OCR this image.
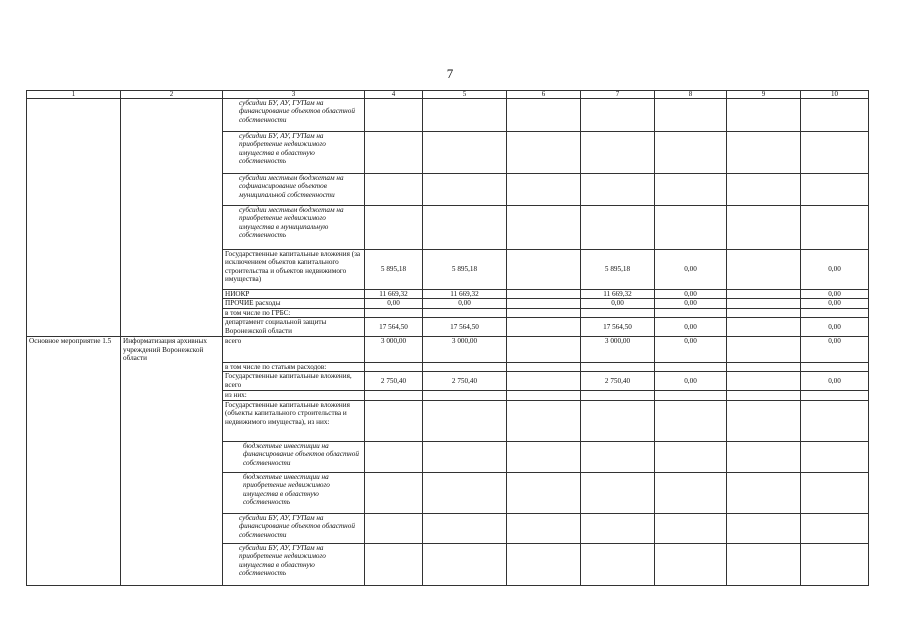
7
1	2	3	4	5	6	7	8	9	10
		субсидии БУ, АУ, ГУПам на финансирование объектов областной собственности							
		субсидии БУ, АУ, ГУПам на приобретение недвижимого имущества в областную собственность							
		субсидии местным бюджетам на софинансирование объектов муниципальной собственности							
		субсидии местным бюджетам на приобретение недвижимого имущества в муниципальную собственность							
		Государственные капитальные вложения (за исключением объектов капитального строительства и объектов недвижимого имущества)	5 895,18	5 895,18		5 895,18	0,00		0,00
		НИОКР	11 669,32	11 669,32		11 669,32	0,00		0,00
		ПРОЧИЕ расходы	0,00	0,00		0,00	0,00		0,00
		в том числе по ГРБС:							
		департамент социальной защиты Воронежской области	17 564,50	17 564,50		17 564,50	0,00		0,00
Основное мероприятие 1.5	Информатизация архивных учреждений Воронежской области	всего	3 000,00	3 000,00		3 000,00	0,00		0,00
		в том числе по статьям расходов:							
		Государственные капитальные вложения, всего	2 750,40	2 750,40		2 750,40	0,00		0,00
		из них:							
		Государственные капитальные вложения (объекты капитального строительства и недвижимого имущества), из них:							
		бюджетные инвестиции на финансирование объектов областной собственности							
		бюджетные инвестиции на приобретение недвижимого имущества в областную собственность							
		субсидии БУ, АУ, ГУПам на финансирование объектов областной собственности							
		субсидии БУ, АУ, ГУПам на приобретение недвижимого имущества в областную собственность							
